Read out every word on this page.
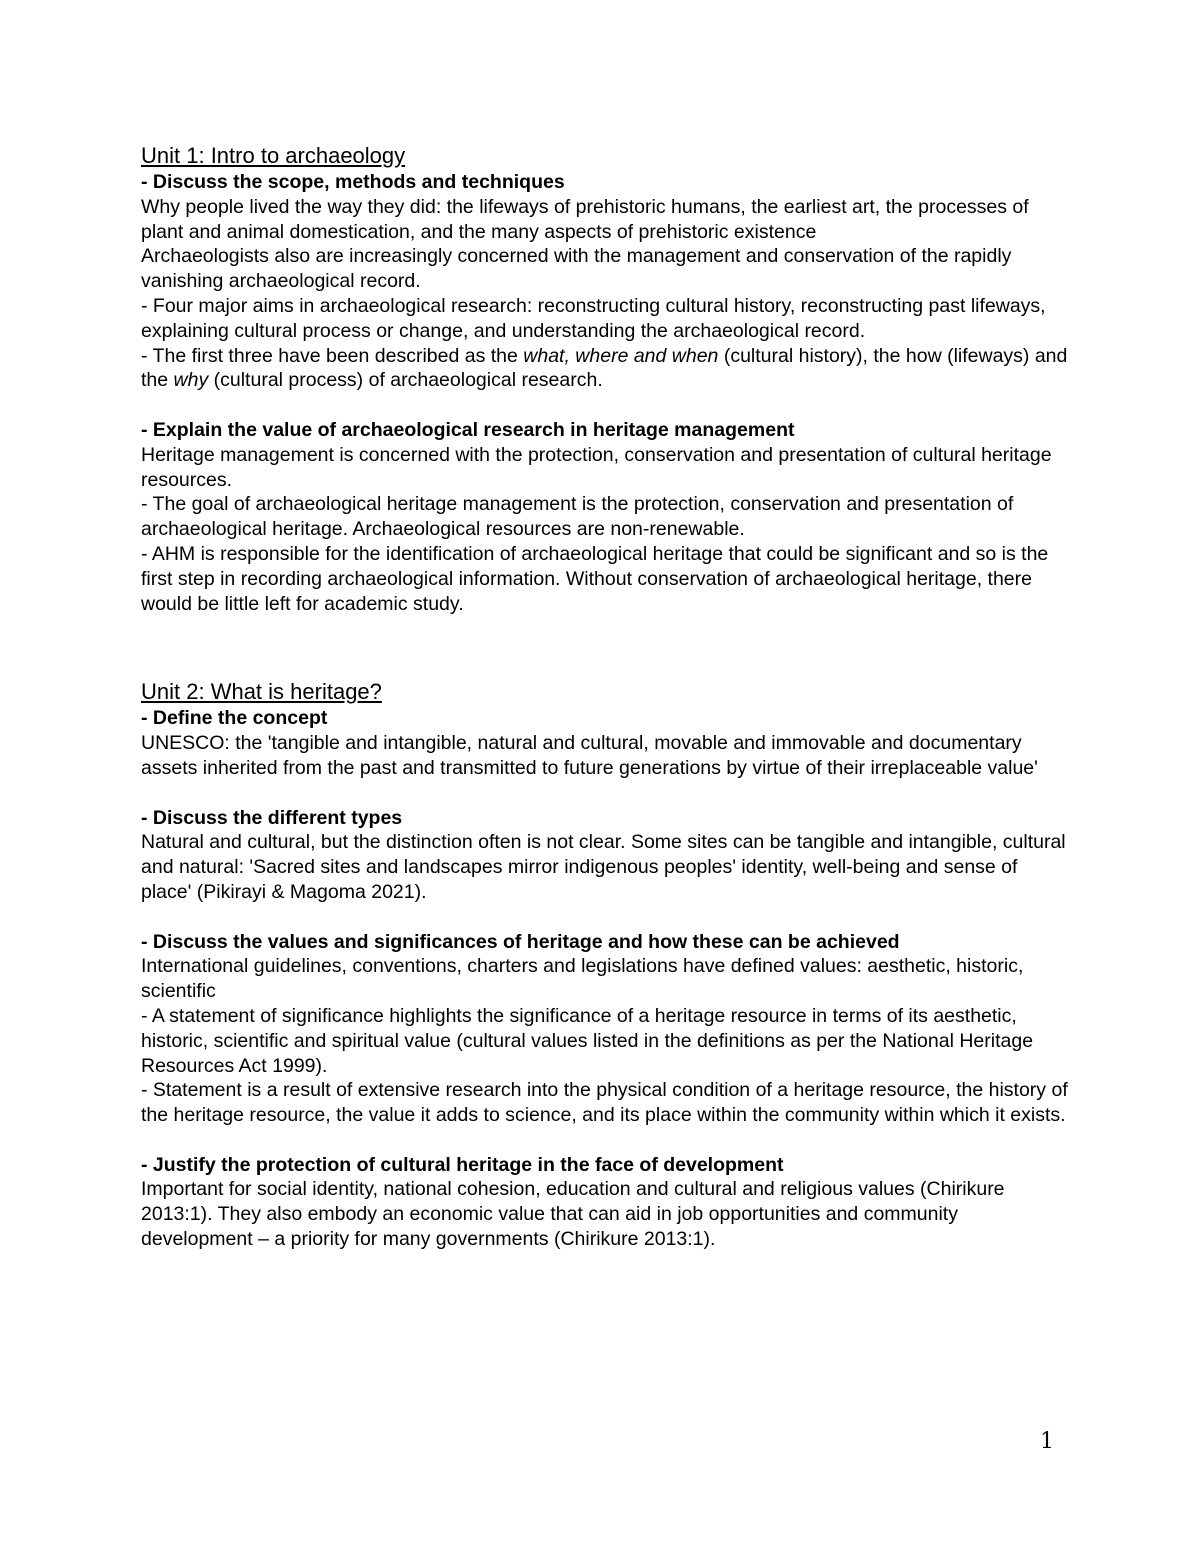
Unit 1: Intro to archaeology

- Discuss the scope, methods and techniques

Why people lived the way they did: the lifeways of prehistoric humans, the earliest art, the processes of plant and animal domestication, and the many aspects of prehistoric existence

Archaeologists also are increasingly concerned with the management and conservation of the rapidly vanishing archaeological record.

- Four major aims in archaeological research: reconstructing cultural history, reconstructing past lifeways, explaining cultural process or change, and understanding the archaeological record.

- The first three have been described as the what, where and when (cultural history), the how (lifeways) and the why (cultural process) of archaeological research.

- Explain the value of archaeological research in heritage management

Heritage management is concerned with the protection, conservation and presentation of cultural heritage resources.

- The goal of archaeological heritage management is the protection, conservation and presentation of archaeological heritage. Archaeological resources are non-renewable.

- AHM is responsible for the identification of archaeological heritage that could be significant and so is the first step in recording archaeological information. Without conservation of archaeological heritage, there would be little left for academic study.

Unit 2: What is heritage?

- Define the concept

UNESCO: the 'tangible and intangible, natural and cultural, movable and immovable and documentary assets inherited from the past and transmitted to future generations by virtue of their irreplaceable value'

- Discuss the different types

Natural and cultural, but the distinction often is not clear. Some sites can be tangible and intangible, cultural and natural: 'Sacred sites and landscapes mirror indigenous peoples' identity, well-being and sense of place' (Pikirayi & Magoma 2021).

- Discuss the values and significances of heritage and how these can be achieved

International guidelines, conventions, charters and legislations have defined values: aesthetic, historic, scientific

- A statement of significance highlights the significance of a heritage resource in terms of its aesthetic, historic, scientific and spiritual value (cultural values listed in the definitions as per the National Heritage Resources Act 1999).

- Statement is a result of extensive research into the physical condition of a heritage resource, the history of the heritage resource, the value it adds to science, and its place within the community within which it exists.

- Justify the protection of cultural heritage in the face of development

Important for social identity, national cohesion, education and cultural and religious values (Chirikure 2013:1). They also embody an economic value that can aid in job opportunities and community development – a priority for many governments (Chirikure 2013:1).

1
